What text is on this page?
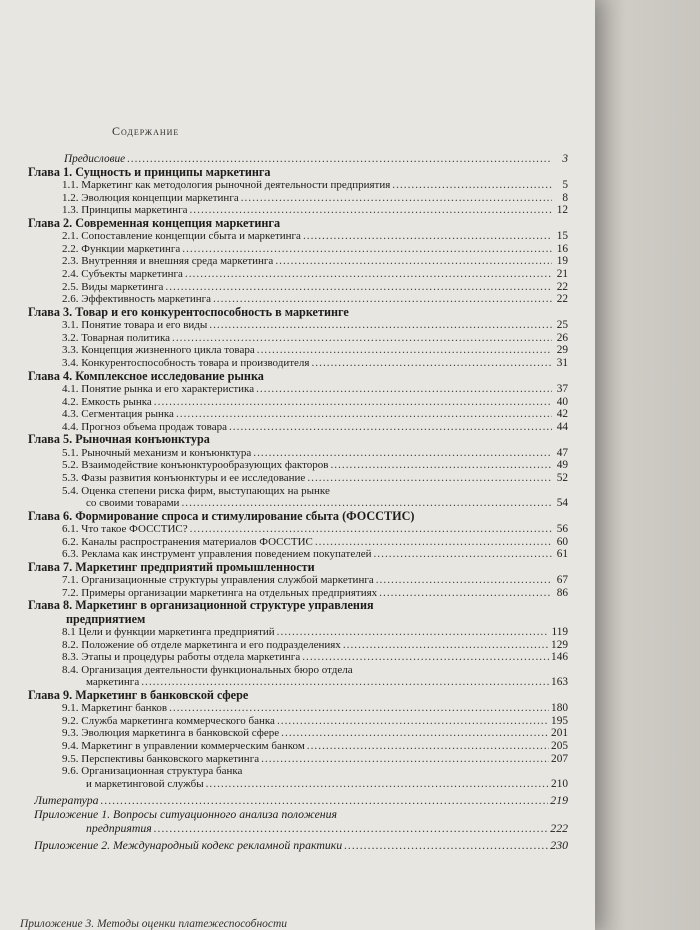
Содержание
Предисловие .....	3
Глава 1. Сущность и принципы маркетинга
1.1. Маркетинг как методология рыночной деятельности предприятия .....	5
1.2. Эволюция концепции маркетинга .....	8
1.3. Принципы маркетинга .....	12
Глава 2. Современная концепция маркетинга
2.1. Сопоставление концепции сбыта и маркетинга .....	15
2.2. Функции маркетинга .....	16
2.3. Внутренняя и внешняя среда маркетинга .....	19
2.4. Субъекты маркетинга .....	21
2.5. Виды маркетинга .....	22
2.6. Эффективность маркетинга .....	22
Глава 3. Товар и его конкурентоспособность в маркетинге
3.1. Понятие товара и его виды .....	25
3.2. Товарная политика .....	26
3.3. Концепция жизненного цикла товара .....	29
3.4. Конкурентоспособность товара и производителя .....	31
Глава 4. Комплексное исследование рынка
4.1. Понятие рынка и его характеристика .....	37
4.2. Емкость рынка .....	40
4.3. Сегментация рынка .....	42
4.4. Прогноз объема продаж товара .....	44
Глава 5. Рыночная конъюнктура
5.1. Рыночный механизм и конъюнктура .....	47
5.2. Взаимодействие конъюнктурообразующих факторов .....	49
5.3. Фазы развития конъюнктуры и ее исследование .....	52
5.4. Оценка степени риска фирм, выступающих на рынке
со своими товарами .....	54
Глава 6. Формирование спроса и стимулирование сбыта (ФОССТИС)
6.1. Что такое ФОССТИС? .....	56
6.2. Каналы распространения материалов ФОССТИС .....	60
6.3. Реклама как инструмент управления поведением покупателей .....	61
Глава 7. Маркетинг предприятий промышленности
7.1. Организационные структуры управления службой маркетинга .....	67
7.2. Примеры организации маркетинга на отдельных предприятиях .....	86
Глава 8. Маркетинг в организационной структуре управления
предприятием
8.1 Цели и функции маркетинга предприятий .....	119
8.2. Положение об отделе маркетинга и его подразделениях .....	129
8.3. Этапы и процедуры работы отдела маркетинга .....	146
8.4. Организация деятельности функциональных бюро отдела
маркетинга .....	163
Глава 9. Маркетинг в банковской сфере
9.1. Маркетинг банков .....	180
9.2. Служба маркетинга коммерческого банка .....	195
9.3. Эволюция маркетинга в банковской сфере .....	201
9.4. Маркетинг в управлении коммерческим банком .....	205
9.5. Перспективы банковского маркетинга .....	207
9.6. Организационная структура банка
и маркетинговой службы .....	210
Литература .....	219
Приложение 1. Вопросы ситуационного анализа положения
предприятия .....	222
Приложение 2. Международный кодекс рекламной практики .....	230
Приложение 3. Методы оценки платежеспособности
